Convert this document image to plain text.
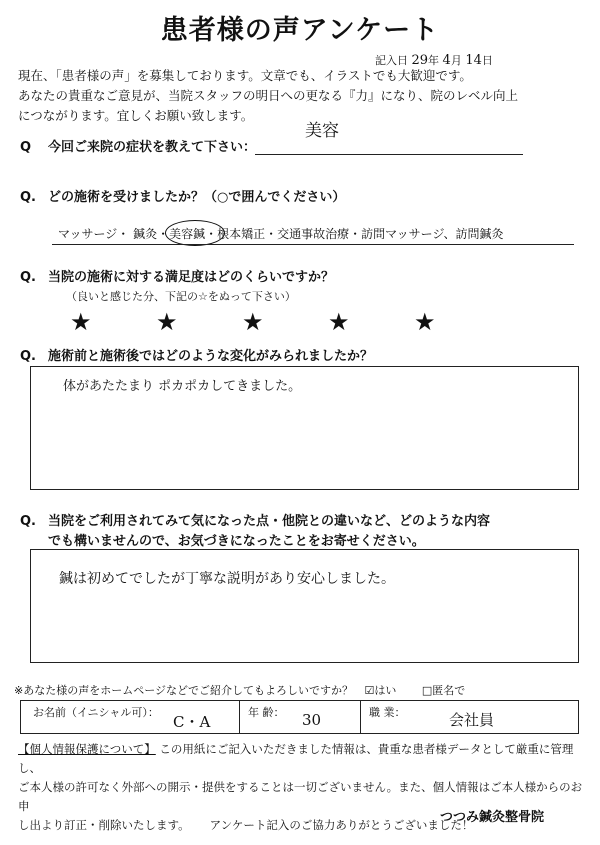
患者様の声アンケート
記入日 29年 4月 14日
現在、「患者様の声」を募集しております。文章でも、イラストでも大歓迎です。
あなたの貴重なご意見が、当院スタッフの明日への更なる『力』になり、院のレベル向上
につながります。宜しくお願い致します。
Q 今回ご来院の症状を教えて下さい：
美容
Q. どの施術を受けましたか？（○で囲んでください）
マッサージ・ 鍼灸・
美容鍼・根本矯正・交通事故治療・訪問マッサージ、訪問鍼灸
Q. 当院の施術に対する満足度はどのくらいですか？
（良いと感じた分、下記の☆をぬって下さい）
★	★	★	★	★
Q. 施術前と施術後ではどのような変化がみられましたか？
体があたたまり ポカポカしてきました。
Q. 当院をご利用されてみて気になった点・他院との違いなど、どのような内容
でも構いませんので、お気づきになったことをお寄せください。
鍼は初めてでしたが丁寧な説明があり安心しました。
※あなた様の声をホームページなどでご紹介してもよろしいですか？ ☑はい □匿名で
お名前（イニシャル可）：
C・A
年 齢： 30	職 業：	会社員
【個人情報保護について】 この用紙にご記入いただきました情報は、貴重な患者様データとして厳重に管理し、
ご本人様の許可なく外部への開示・提供をすることは一切ございません。また、個人情報はご本人様からのお申
し出より訂正・削除いたします。 アンケート記入のご協力ありがとうございました！
つつみ鍼灸整骨院
